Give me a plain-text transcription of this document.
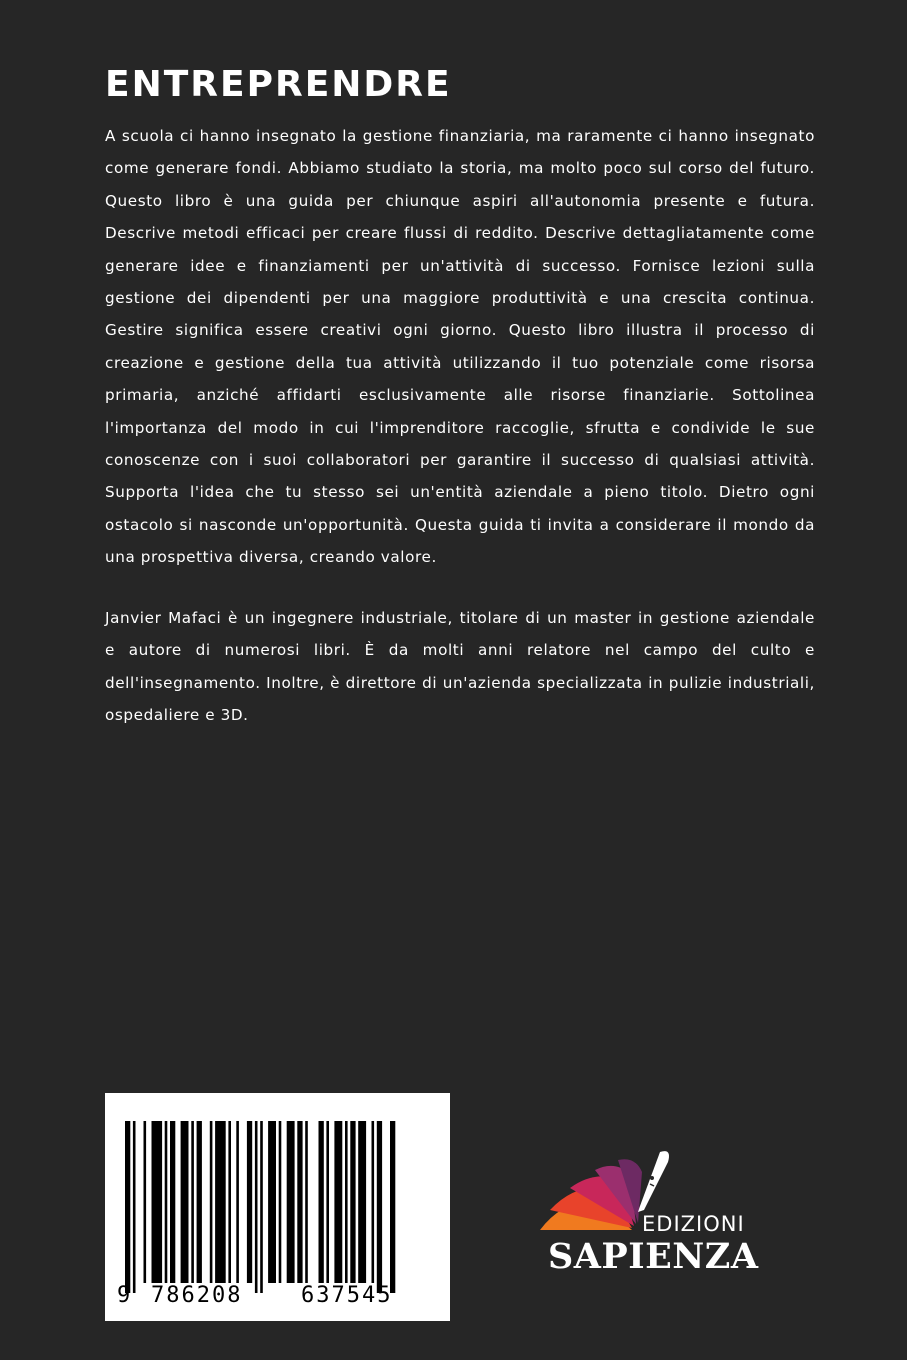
ENTREPRENDRE

A scuola ci hanno insegnato la gestione finanziaria, ma raramente ci hanno insegnato come generare fondi. Abbiamo studiato la storia, ma molto poco sul corso del futuro. Questo libro è una guida per chiunque aspiri all'autonomia presente e futura. Descrive metodi efficaci per creare flussi di reddito. Descrive dettagliatamente come generare idee e finanziamenti per un'attività di successo. Fornisce lezioni sulla gestione dei dipendenti per una maggiore produttività e una crescita continua. Gestire significa essere creativi ogni giorno. Questo libro illustra il processo di creazione e gestione della tua attività utilizzando il tuo potenziale come risorsa primaria, anziché affidarti esclusivamente alle risorse finanziarie. Sottolinea l'importanza del modo in cui l'imprenditore raccoglie, sfrutta e condivide le sue conoscenze con i suoi collaboratori per garantire il successo di qualsiasi attività. Supporta l'idea che tu stesso sei un'entità aziendale a pieno titolo. Dietro ogni ostacolo si nasconde un'opportunità. Questa guida ti invita a considerare il mondo da una prospettiva diversa, creando valore.

Janvier Mafaci è un ingegnere industriale, titolare di un master in gestione aziendale e autore di numerosi libri. È da molti anni relatore nel campo del culto e dell'insegnamento. Inoltre, è direttore di un'azienda specializzata in pulizie industriali, ospedaliere e 3D.

9 786208	637545
EDIZIONI
SAPIENZA
